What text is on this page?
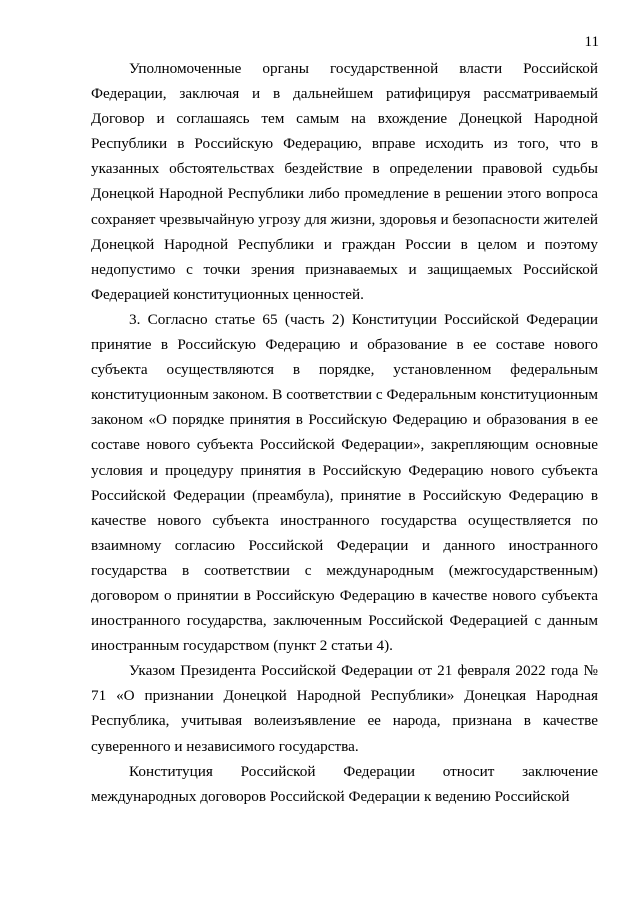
11

Уполномоченные органы государственной власти Российской Федерации, заключая и в дальнейшем ратифицируя рассматриваемый Договор и соглашаясь тем самым на вхождение Донецкой Народной Республики в Российскую Федерацию, вправе исходить из того, что в указанных обстоятельствах бездействие в определении правовой судьбы Донецкой Народной Республики либо промедление в решении этого вопроса сохраняет чрезвычайную угрозу для жизни, здоровья и безопасности жителей Донецкой Народной Республики и граждан России в целом и поэтому недопустимо с точки зрения признаваемых и защищаемых Российской Федерацией конституционных ценностей.

3. Согласно статье 65 (часть 2) Конституции Российской Федерации принятие в Российскую Федерацию и образование в ее составе нового субъекта осуществляются в порядке, установленном федеральным конституционным законом. В соответствии с Федеральным конституционным законом «О порядке принятия в Российскую Федерацию и образования в ее составе нового субъекта Российской Федерации», закрепляющим основные условия и процедуру принятия в Российскую Федерацию нового субъекта Российской Федерации (преамбула), принятие в Российскую Федерацию в качестве нового субъекта иностранного государства осуществляется по взаимному согласию Российской Федерации и данного иностранного государства в соответствии с международным (межгосударственным) договором о принятии в Российскую Федерацию в качестве нового субъекта иностранного государства, заключенным Российской Федерацией с данным иностранным государством (пункт 2 статьи 4).

Указом Президента Российской Федерации от 21 февраля 2022 года № 71 «О признании Донецкой Народной Республики» Донецкая Народная Республика, учитывая волеизъявление ее народа, признана в качестве суверенного и независимого государства.

Конституция Российской Федерации относит заключение международных договоров Российской Федерации к ведению Российской
